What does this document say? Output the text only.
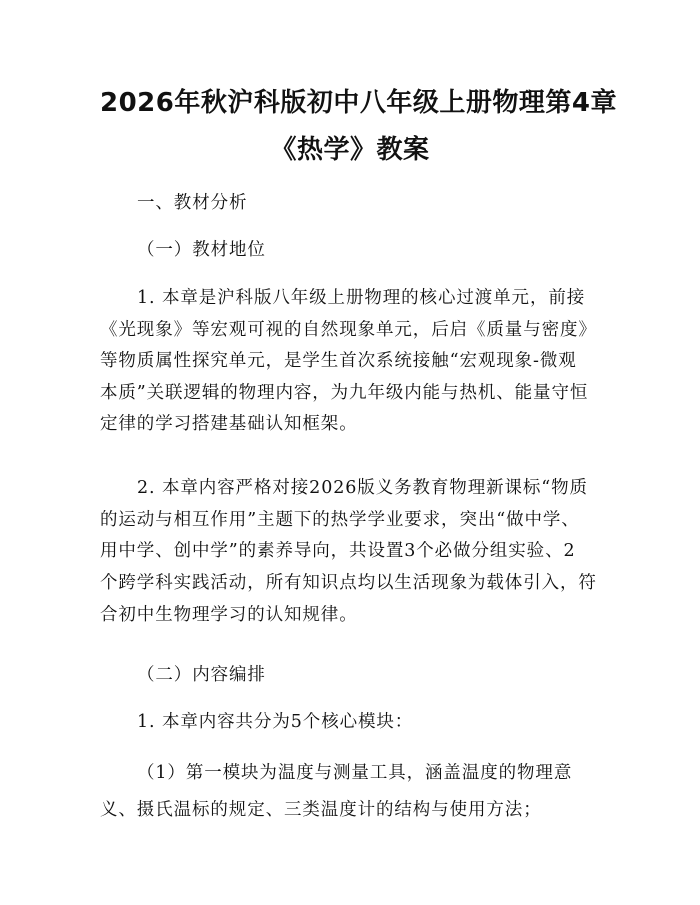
2026年秋沪科版初中八年级上册物理第4章
《热学》教案
一、教材分析
（一）教材地位
1. 本章是沪科版八年级上册物理的核心过渡单元，前接
《光现象》等宏观可视的自然现象单元，后启《质量与密度》
等物质属性探究单元，是学生首次系统接触“宏观现象-微观
本质”关联逻辑的物理内容，为九年级内能与热机、能量守恒
定律的学习搭建基础认知框架。
2. 本章内容严格对接2026版义务教育物理新课标“物质
的运动与相互作用”主题下的热学学业要求，突出“做中学、
用中学、创中学”的素养导向，共设置3个必做分组实验、2
个跨学科实践活动，所有知识点均以生活现象为载体引入，符
合初中生物理学习的认知规律。
（二）内容编排
1. 本章内容共分为5个核心模块：
（1）第一模块为温度与测量工具，涵盖温度的物理意
义、摄氏温标的规定、三类温度计的结构与使用方法；
